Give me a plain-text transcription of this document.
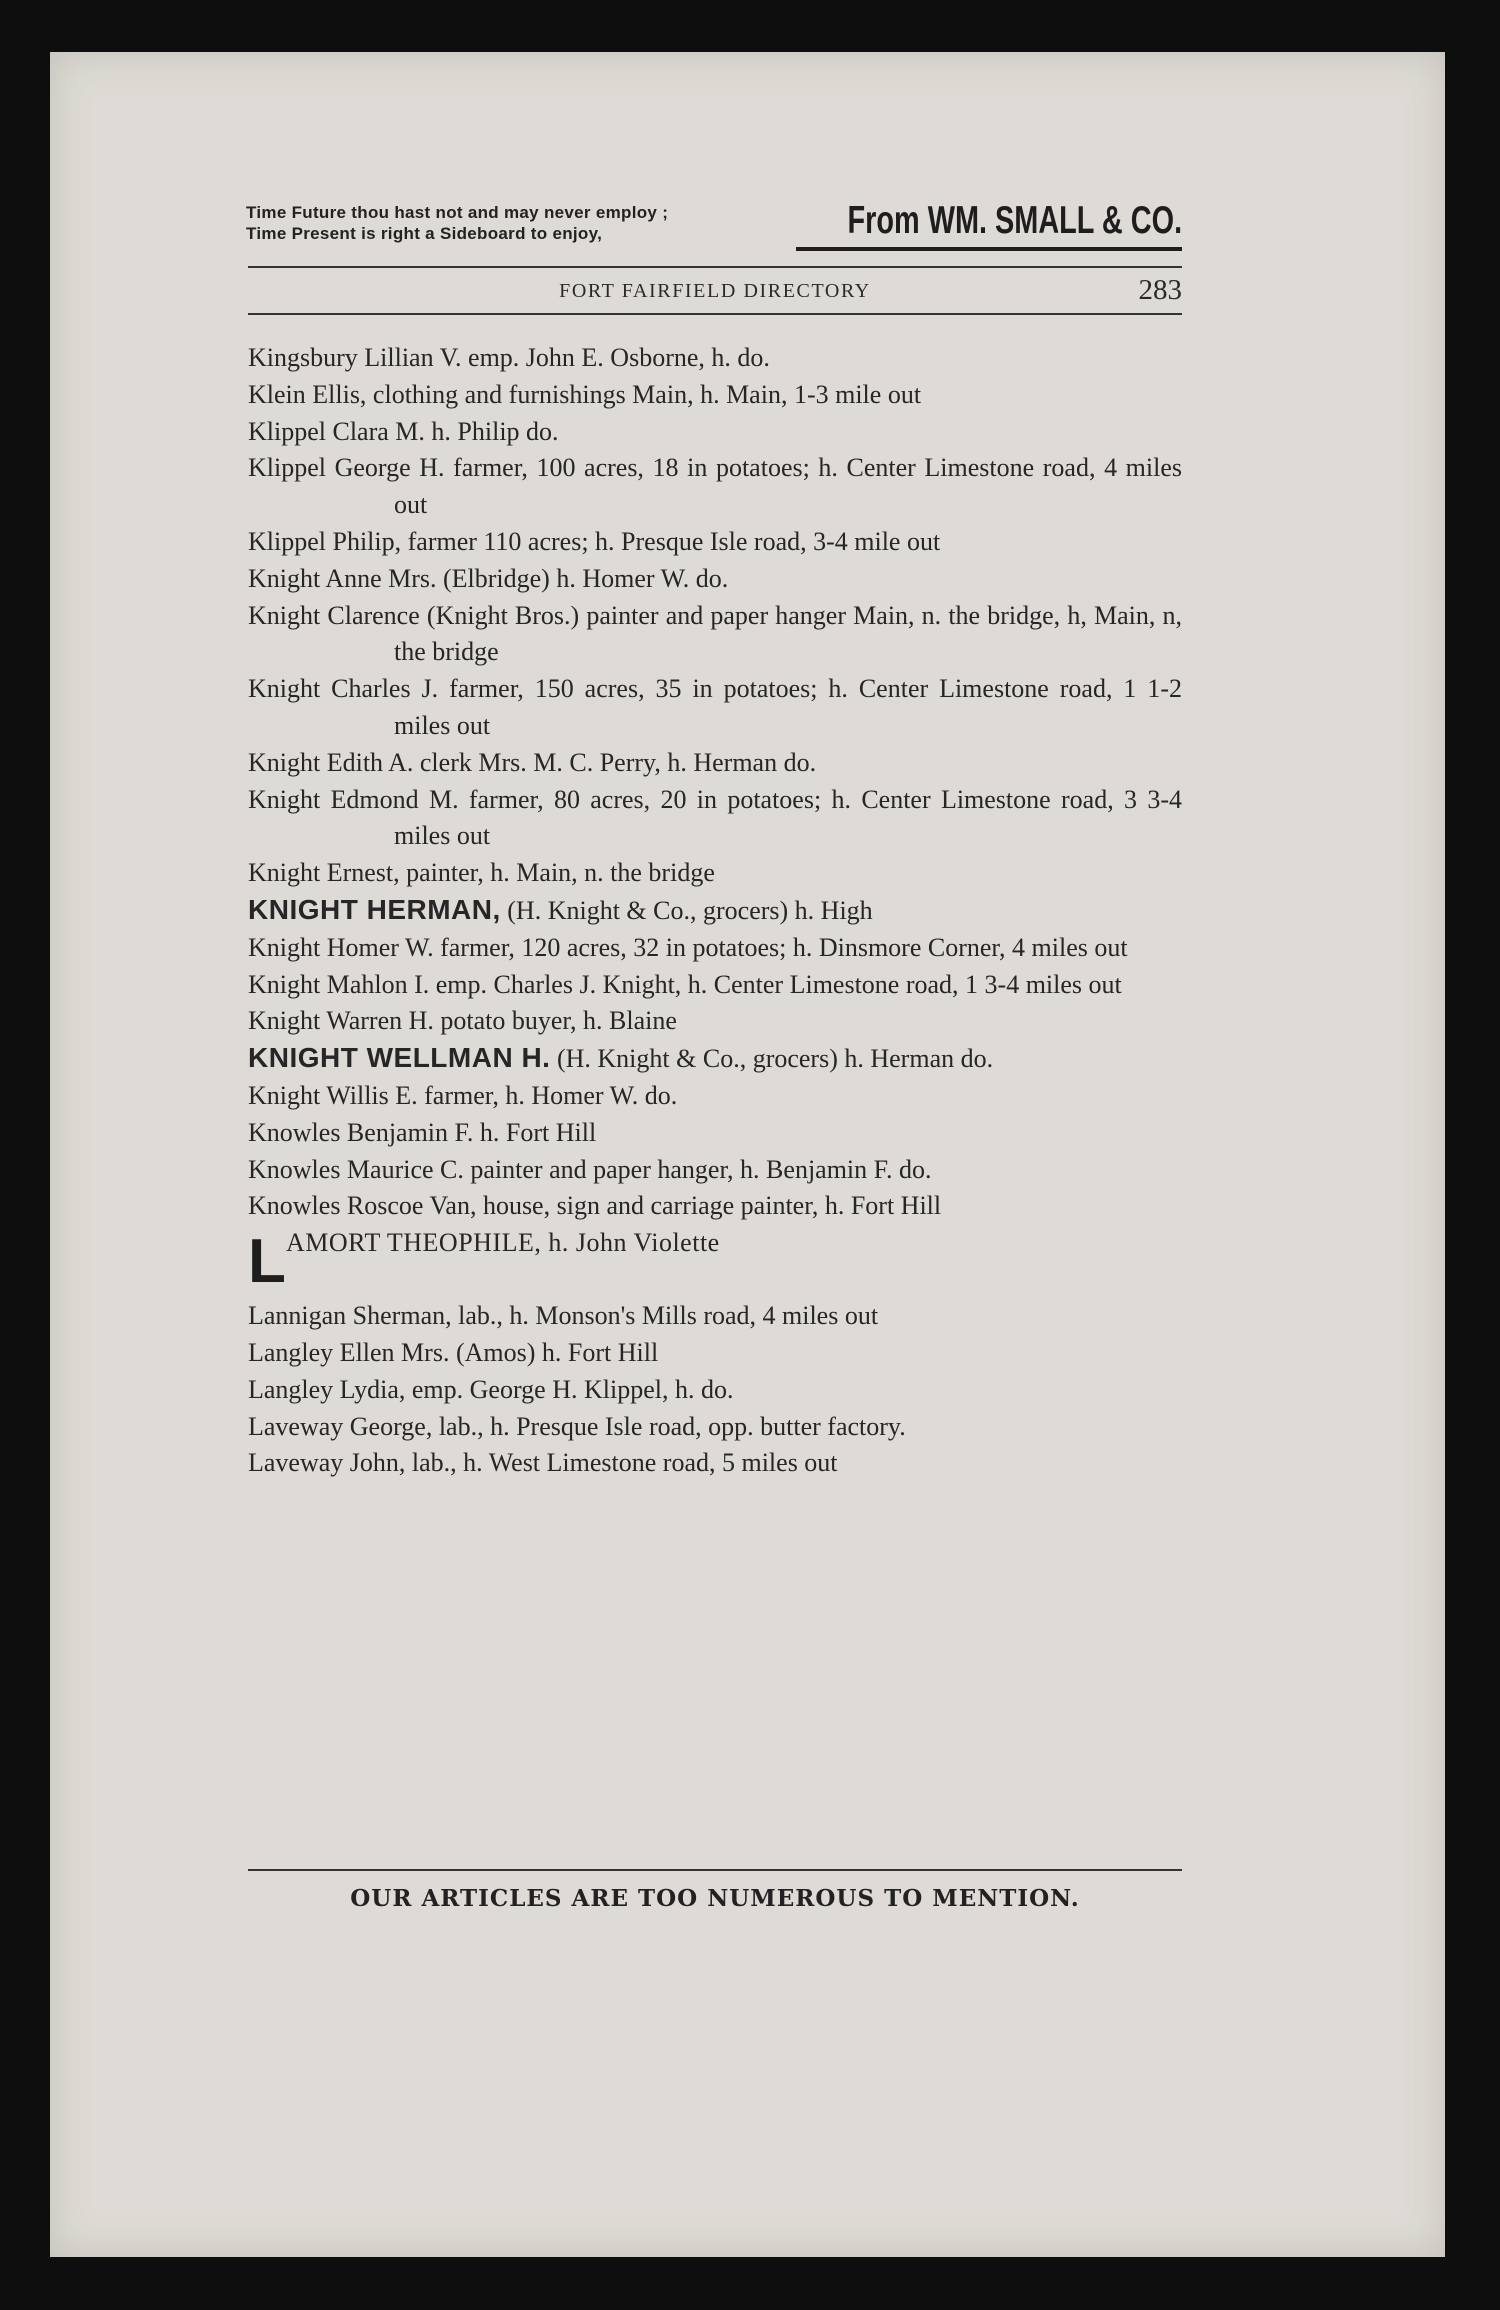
Time Future thou hast not and may never employ ;
Time Present is right a Sideboard to enjoy,	From WM. SMALL & CO.
FORT FAIRFIELD DIRECTORY	283
Kingsbury Lillian V. emp. John E. Osborne, h. do.
Klein Ellis, clothing and furnishings Main, h. Main, 1-3 mile out
Klippel Clara M. h. Philip do.
Klippel George H. farmer, 100 acres, 18 in potatoes; h. Center Limestone road, 4 miles out
Klippel Philip, farmer 110 acres; h. Presque Isle road, 3-4 mile out
Knight Anne Mrs. (Elbridge) h. Homer W. do.
Knight Clarence (Knight Bros.) painter and paper hanger Main, n. the bridge, h, Main, n, the bridge
Knight Charles J. farmer, 150 acres, 35 in potatoes; h. Center Limestone road, 1 1-2 miles out
Knight Edith A. clerk Mrs. M. C. Perry, h. Herman do.
Knight Edmond M. farmer, 80 acres, 20 in potatoes; h. Center Limestone road, 3 3-4 miles out
Knight Ernest, painter, h. Main, n. the bridge
KNIGHT HERMAN, (H. Knight & Co., grocers) h. High
Knight Homer W. farmer, 120 acres, 32 in potatoes; h. Dinsmore Corner, 4 miles out
Knight Mahlon I. emp. Charles J. Knight, h. Center Limestone road, 1 3-4 miles out
Knight Warren H. potato buyer, h. Blaine
KNIGHT WELLMAN H. (H. Knight & Co., grocers) h. Herman do.
Knight Willis E. farmer, h. Homer W. do.
Knowles Benjamin F. h. Fort Hill
Knowles Maurice C. painter and paper hanger, h. Benjamin F. do.
Knowles Roscoe Van, house, sign and carriage painter, h. Fort Hill
L AMORT THEOPHILE, h. John Violette
Lannigan Sherman, lab., h. Monson's Mills road, 4 miles out
Langley Ellen Mrs. (Amos) h. Fort Hill
Langley Lydia, emp. George H. Klippel, h. do.
Laveway George, lab., h. Presque Isle road, opp. butter factory.
Laveway John, lab., h. West Limestone road, 5 miles out
OUR ARTICLES ARE TOO NUMEROUS TO MENTION.
